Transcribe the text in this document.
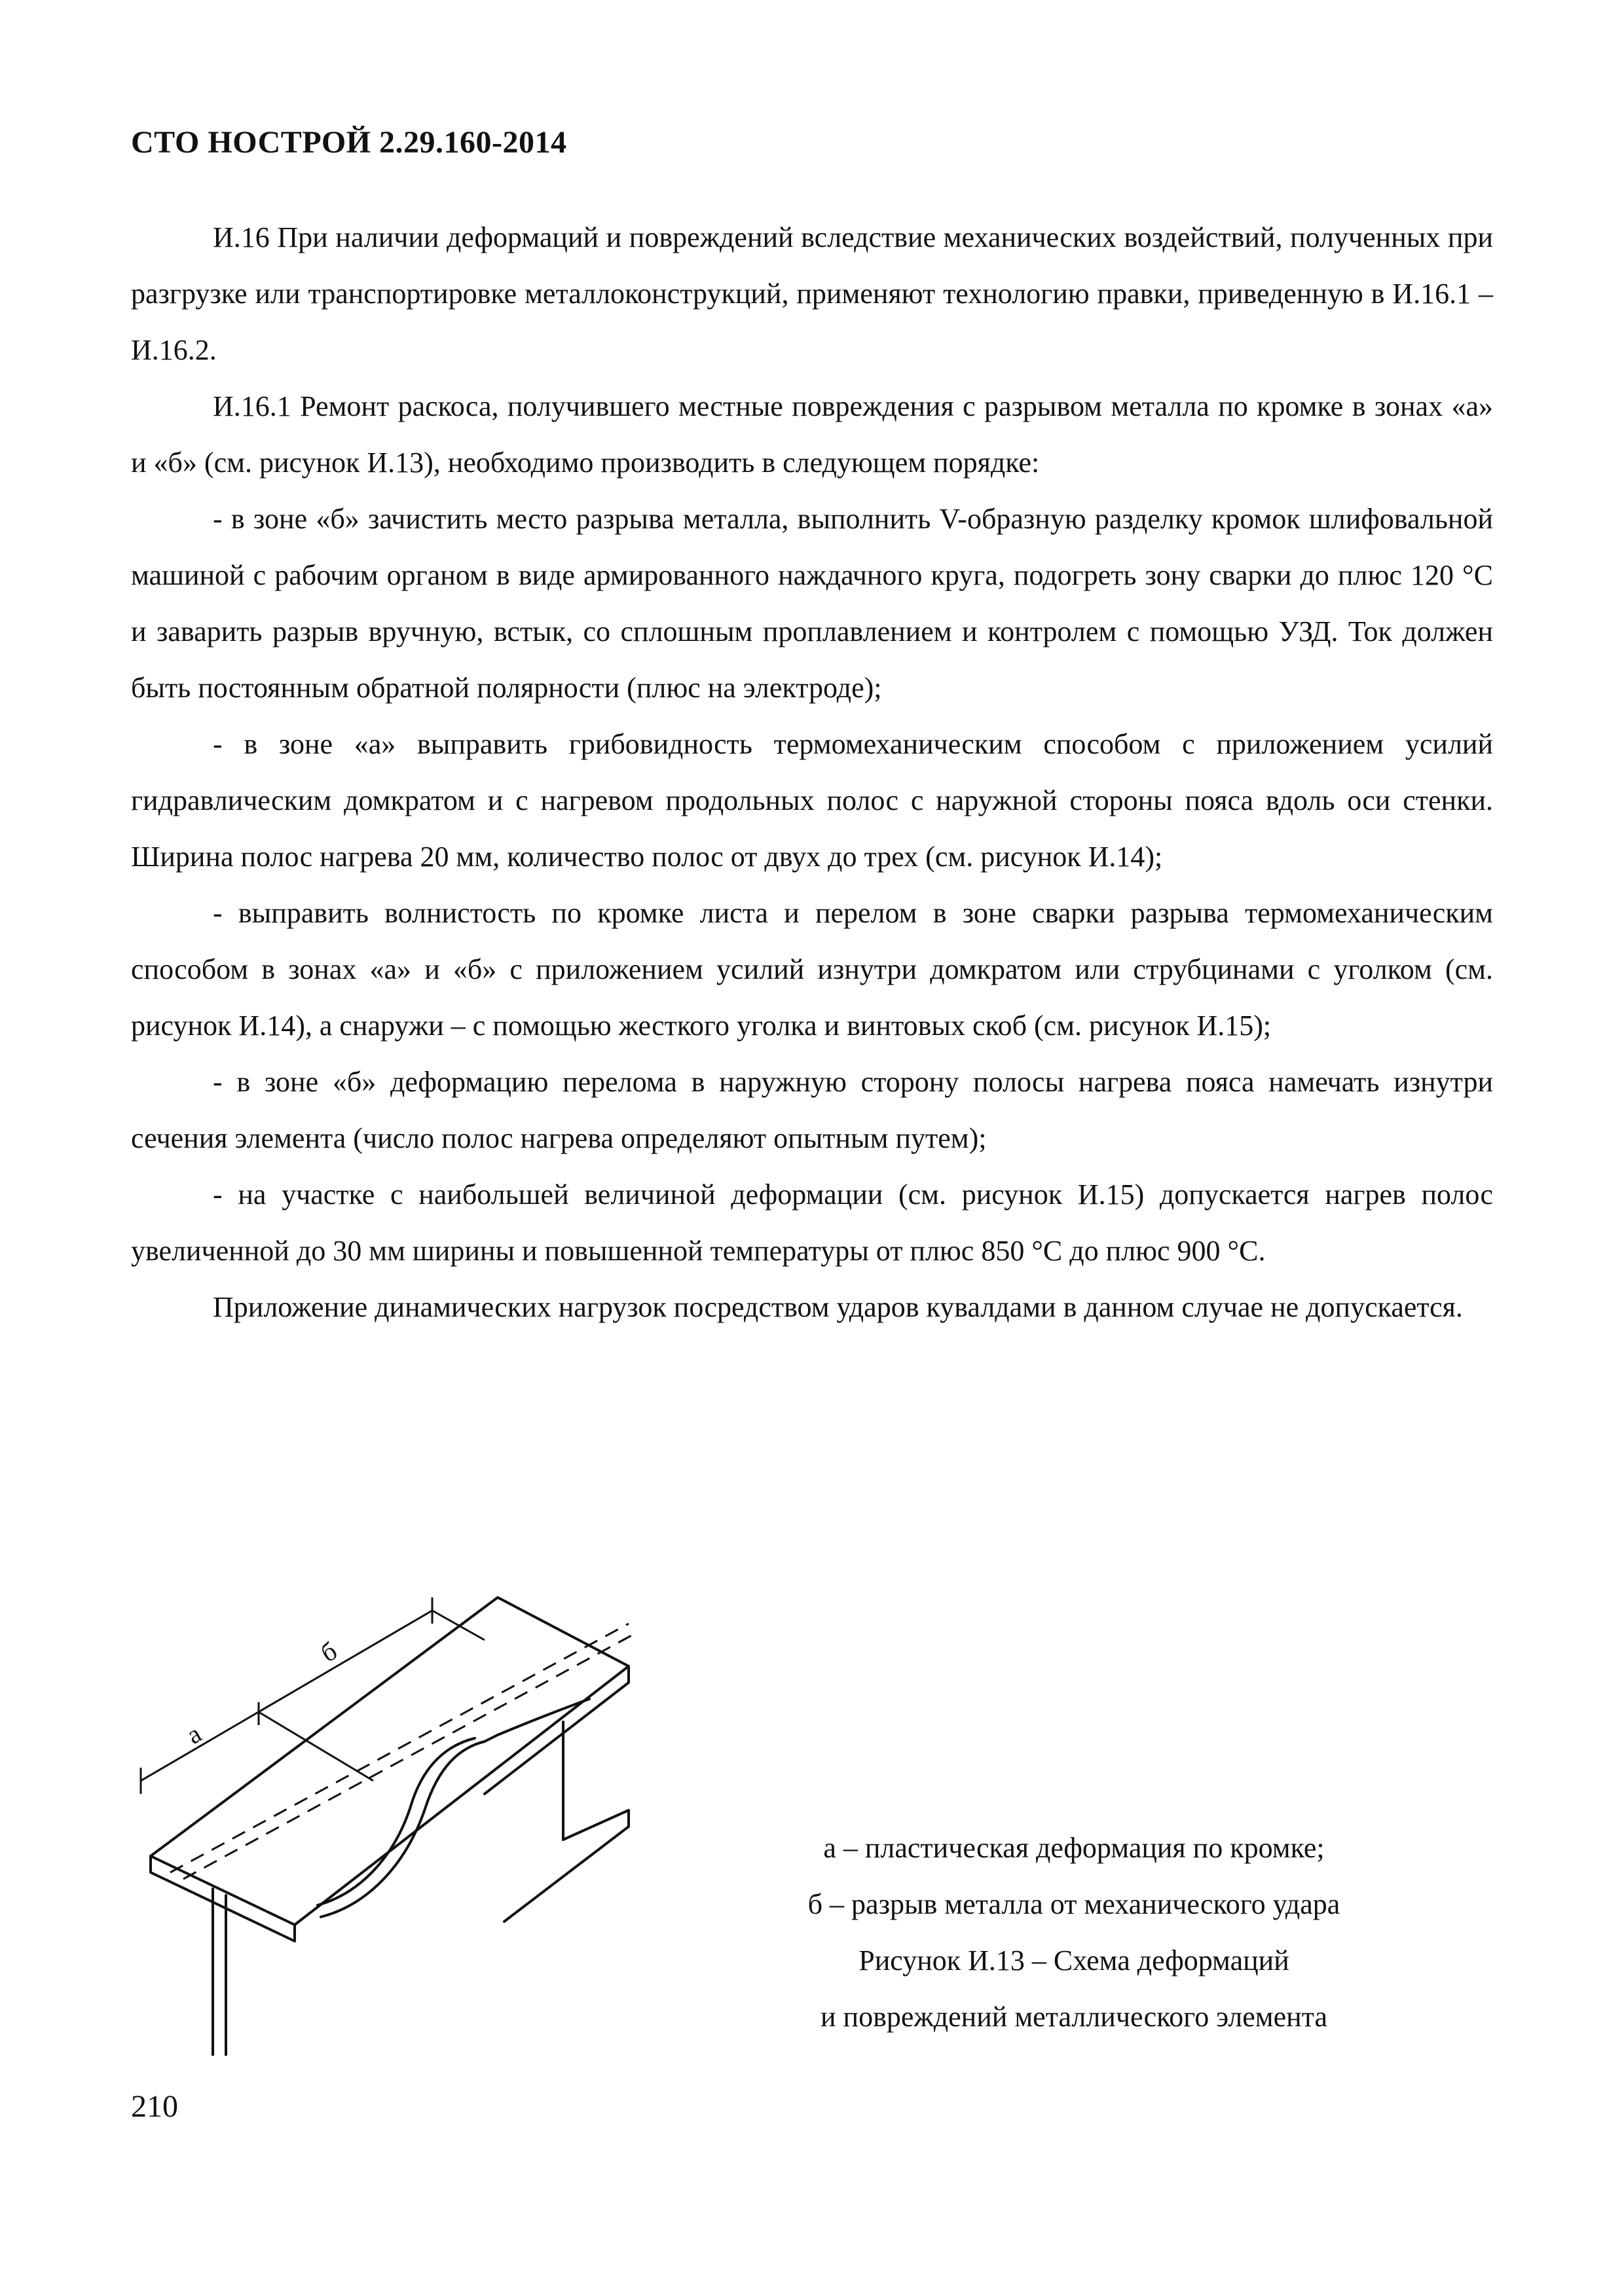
СТО НОСТРОЙ 2.29.160-2014

И.16 При наличии деформаций и повреждений вследствие механических воздействий, полученных при разгрузке или транспортировке металлоконструкций, применяют технологию правки, приведенную в И.16.1 – И.16.2.

И.16.1 Ремонт раскоса, получившего местные повреждения с разрывом металла по кромке в зонах «а» и «б» (см. рисунок И.13), необходимо производить в следующем порядке:

- в зоне «б» зачистить место разрыва металла, выполнить V-образную разделку кромок шлифовальной машиной с рабочим органом в виде армированного наждачного круга, подогреть зону сварки до плюс 120 °С и заварить разрыв вручную, встык, со сплошным проплавлением и контролем с помощью УЗД. Ток должен быть постоянным обратной полярности (плюс на электроде);

- в зоне «а» выправить грибовидность термомеханическим способом с приложением усилий гидравлическим домкратом и с нагревом продольных полос с наружной стороны пояса вдоль оси стенки. Ширина полос нагрева 20 мм, количество полос от двух до трех (см. рисунок И.14);

- выправить волнистость по кромке листа и перелом в зоне сварки разрыва термомеханическим способом в зонах «а» и «б» с приложением усилий изнутри домкратом или струбцинами с уголком (см. рисунок И.14), а снаружи – с помощью жесткого уголка и винтовых скоб (см. рисунок И.15);

- в зоне «б» деформацию перелома в наружную сторону полосы нагрева пояса намечать изнутри сечения элемента (число полос нагрева определяют опытным путем);

- на участке с наибольшей величиной деформации (см. рисунок И.15) допускается нагрев полос увеличенной до 30 мм ширины и повышенной температуры от плюс 850 °С до плюс 900 °С.

Приложение динамических нагрузок посредством ударов кувалдами в данном случае не допускается.

а
б
а – пластическая деформация по кромке;
б – разрыв металла от механического удара
Рисунок И.13 – Схема деформаций
и повреждений металлического элемента
210
